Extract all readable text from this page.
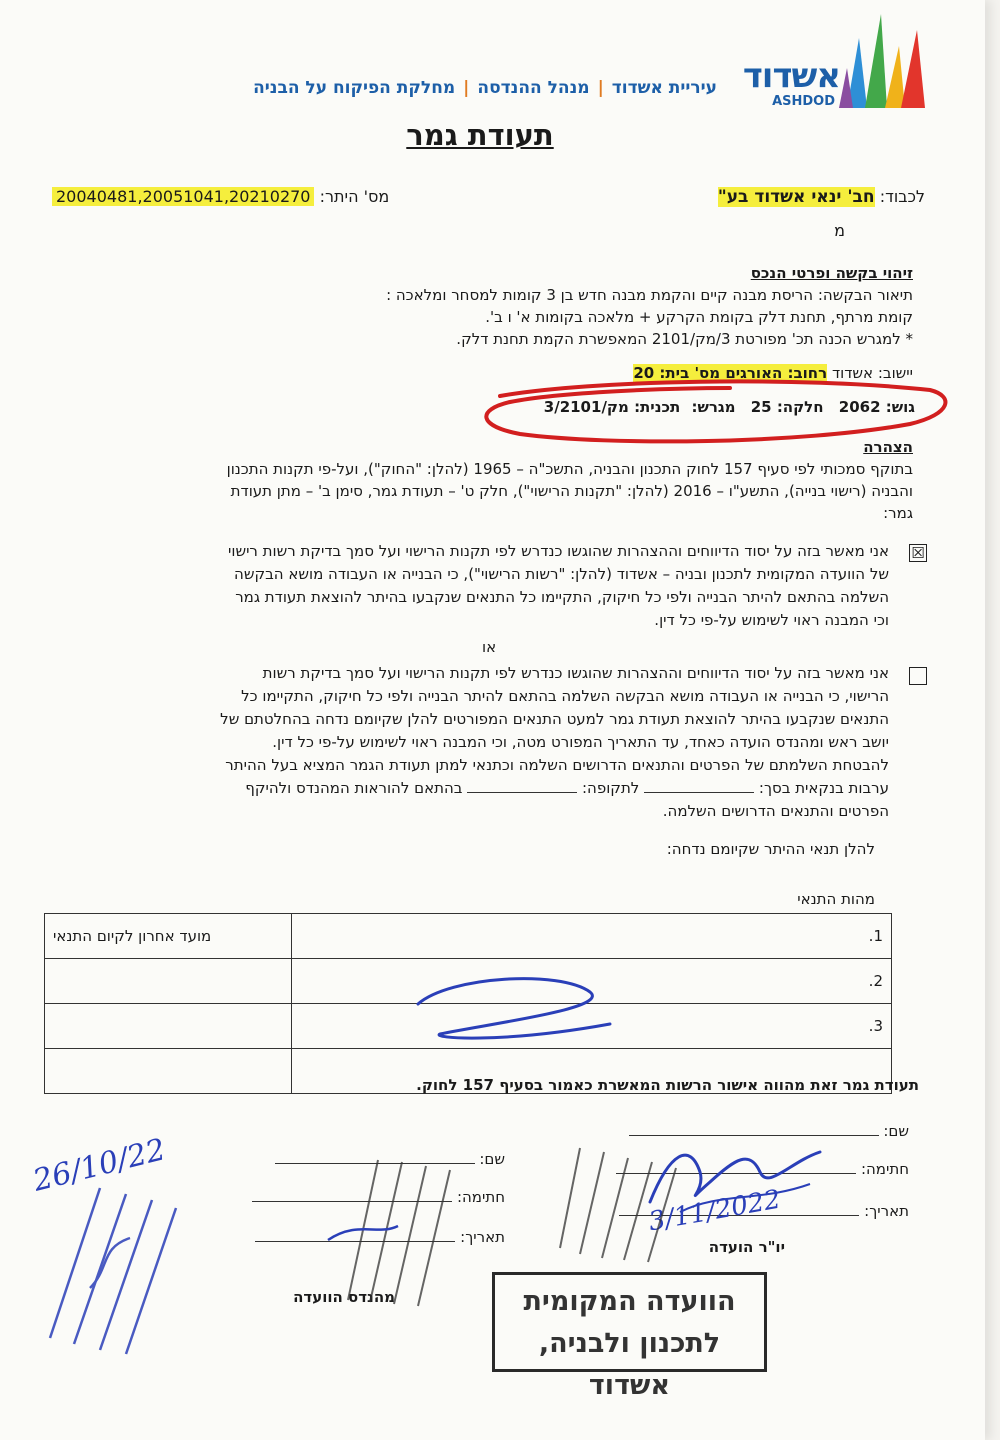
אשדוד
ASHDOD
עיריית אשדוד|מנהל ההנדסה|מחלקת הפיקוח על הבניה
תעודת גמר
לכבוד: חב' ינאי אשדוד בע"
מ
מס' היתר: 20040481,20051041,20210270
זיהוי בקשה ופרטי הנכס
תיאור הבקשה: הריסת מבנה קיים והקמת מבנה חדש בן 3 קומות למסחר ומלאכה :
קומת מרתף, תחנת דלק בקומת הקרקע + מלאכה בקומות א' ו ב'.
* למגרש הכנה תכ' מפורטת 3/מק/2101 המאפשרת הקמת תחנת דלק.
יישוב: אשדוד רחוב: האורגים מס' בית: 20
גוש: 2062 חלקה: 25 מגרש: תכנית: 3/מק/2101
הצהרה
בתוקף סמכותי לפי סעיף 157 לחוק התכנון והבניה, התשכ"ה – 1965 (להלן: "החוק"), ועל-פי תקנות התכנון
והבניה (רישוי בנייה), התשע"ו – 2016 (להלן: "תקנות הרישוי"), חלק ט' – תעודת גמר, סימן ב' – מתן תעודת
גמר:
☒
אני מאשר בזה על יסוד הדיווחים וההצהרות שהוגשו כנדרש לפי תקנות הרישוי ועל סמך בדיקת רשות רישוי
של הוועדה המקומית לתכנון ובניה – אשדוד (להלן: "רשות הרישוי"), כי הבנייה או העבודה מושא הבקשה
השלמה בהתאם להיתר הבנייה ולפי כל חיקוק, התקיימו כל התנאים שנקבעו בהיתר להוצאת תעודת גמר
וכי המבנה ראוי לשימוש על-פי כל דין.
או
אני מאשר בזה על יסוד הדיווחים וההצהרות שהוגשו כנדרש לפי תקנות הרישוי ועל סמך בדיקת רשות
הרישוי, כי הבנייה או העבודה מושא הבקשה השלמה בהתאם להיתר הבנייה ולפי כל חיקוק, התקיימו כל
התנאים שנקבעו בהיתר להוצאת תעודת גמר למעט התנאים המפורטים להלן שקיומם נדחה בהחלטתם של
יושב ראש ומהנדס הועדה כאחד, עד התאריך המפורט מטה, וכי המבנה ראוי לשימוש על-פי כל דין.
להבטחת השלמתם של הפרטים והתנאים הדרושים השלמה וכתנאי למתן תעודת הגמר המציא בעל ההיתר
ערבות בנקאית בסך:  לתקופה:  בהתאם להוראות המהנדס ולהיקף
הפרטים והתנאים הדרושים השלמה.
להלן תנאי ההיתר שקיומם נדחה:
מהות התנאי
1.	מועד אחרון לקיום התנאי
2.	
3.	

תעודת גמר זאת מהווה אישור הרשות המאשרת כאמור בסעיף 157 לחוק.
שם:
חתימה:
תאריך:
יו"ר הועדה
שם:
חתימה:
תאריך:
מהנדס הוועדה	הוועדה המקומית
לתכנון ולבניה, אשדוד
26/10/22
3/11/2022
